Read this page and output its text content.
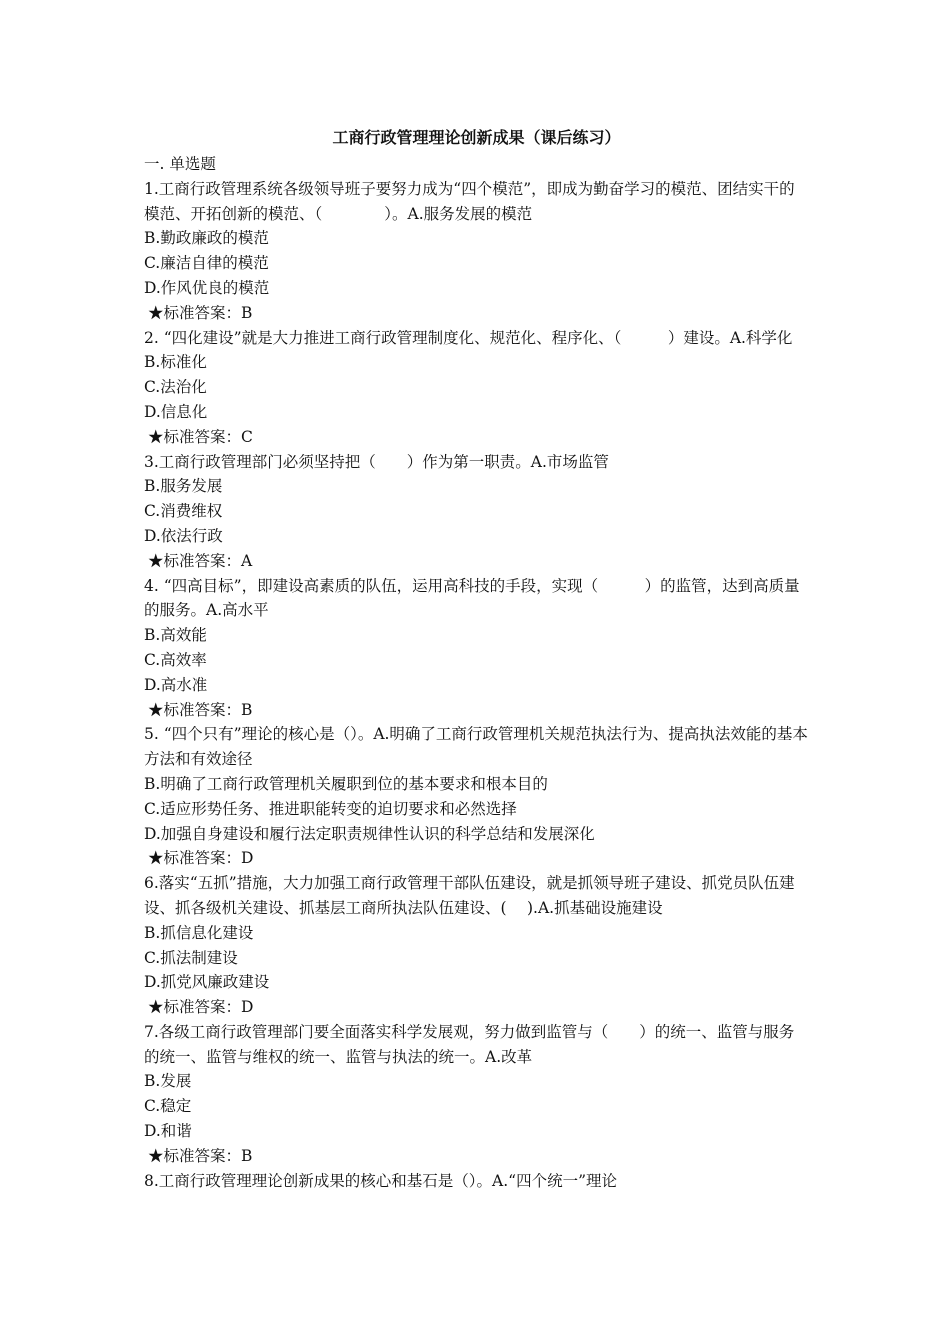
工商行政管理理论创新成果（课后练习）
一. 单选题
1.工商行政管理系统各级领导班子要努力成为“四个模范”，即成为勤奋学习的模范、团结实干的模范、开拓创新的模范、（　　　　）。A.服务发展的模范
B.勤政廉政的模范
C.廉洁自律的模范
D.作风优良的模范
★标准答案：B
2. “四化建设”就是大力推进工商行政管理制度化、规范化、程序化、（　　　）建设。A.科学化
B.标准化
C.法治化
D.信息化
★标准答案：C
3.工商行政管理部门必须坚持把（　　）作为第一职责。A.市场监管
B.服务发展
C.消费维权
D.依法行政
★标准答案：A
4. “四高目标”，即建设高素质的队伍，运用高科技的手段，实现（　　　）的监管，达到高质量的服务。A.高水平
B.高效能
C.高效率
D.高水准
★标准答案：B
5. “四个只有”理论的核心是（）。A.明确了工商行政管理机关规范执法行为、提高执法效能的基本方法和有效途径
B.明确了工商行政管理机关履职到位的基本要求和根本目的
C.适应形势任务、推进职能转变的迫切要求和必然选择
D.加强自身建设和履行法定职责规律性认识的科学总结和发展深化
★标准答案：D
6.落实“五抓”措施，大力加强工商行政管理干部队伍建设，就是抓领导班子建设、抓党员队伍建设、抓各级机关建设、抓基层工商所执法队伍建设、(　 ).A.抓基础设施建设
B.抓信息化建设
C.抓法制建设
D.抓党风廉政建设
★标准答案：D
7.各级工商行政管理部门要全面落实科学发展观，努力做到监管与（　　）的统一、监管与服务的统一、监管与维权的统一、监管与执法的统一。A.改革
B.发展
C.稳定
D.和谐
★标准答案：B
8.工商行政管理理论创新成果的核心和基石是（）。A.“四个统一”理论
